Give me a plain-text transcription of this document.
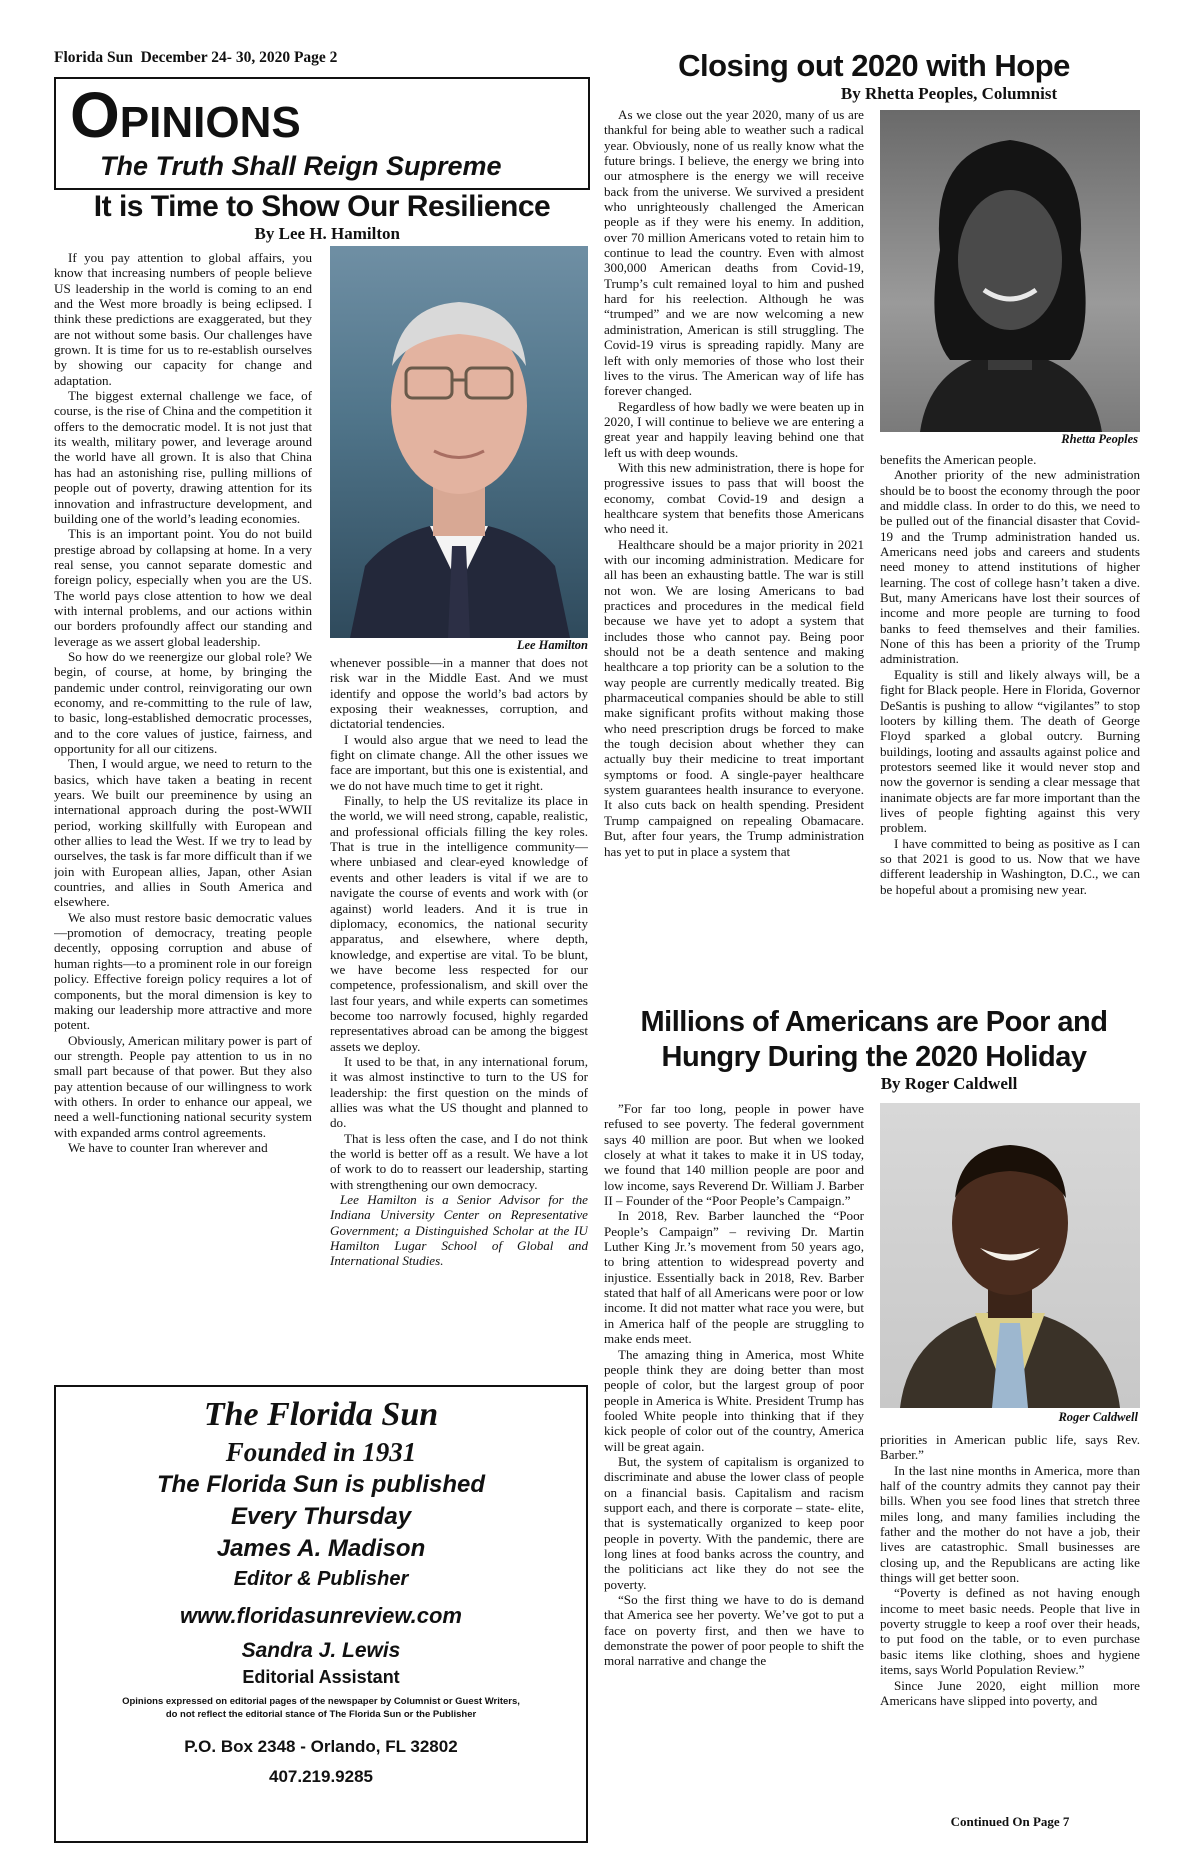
Florida Sun  December 24- 30, 2020 Page 2
OPINIONS
The Truth Shall Reign Supreme
It is Time to Show Our Resilience
By Lee H. Hamilton
Lee Hamilton

If you pay attention to global affairs, you know that increasing numbers of people believe US leadership in the world is coming to an end and the West more broadly is being eclipsed. I think these predictions are exaggerated, but they are not without some basis. Our challenges have grown. It is time for us to re-establish ourselves by showing our capacity for change and adaptation.

The biggest external challenge we face, of course, is the rise of China and the competition it offers to the democratic model. It is not just that its wealth, military power, and leverage around the world have all grown. It is also that China has had an astonishing rise, pulling millions of people out of poverty, drawing attention for its innovation and infrastructure development, and building one of the world’s leading economies.

This is an important point. You do not build prestige abroad by collapsing at home. In a very real sense, you cannot separate domestic and foreign policy, especially when you are the US. The world pays close attention to how we deal with internal problems, and our actions within our borders profoundly affect our standing and leverage as we assert global leadership.

So how do we reenergize our global role? We begin, of course, at home, by bringing the pandemic under control, reinvigorating our own economy, and re-committing to the rule of law, to basic, long-established democratic processes, and to the core values of justice, fairness, and opportunity for all our citizens.

Then, I would argue, we need to return to the basics, which have taken a beating in recent years. We built our preeminence by using an international approach during the post-WWII period, working skillfully with European and other allies to lead the West. If we try to lead by ourselves, the task is far more difficult than if we join with European allies, Japan, other Asian countries, and allies in South America and elsewhere.

We also must restore basic democratic values—promotion of democracy, treating people decently, opposing corruption and abuse of human rights—to a prominent role in our foreign policy. Effective foreign policy requires a lot of components, but the moral dimension is key to making our leadership more attractive and more potent.

Obviously, American military power is part of our strength. People pay attention to us in no small part because of that power. But they also pay attention because of our willingness to work with others. In order to enhance our appeal, we need a well-functioning national security system with expanded arms control agreements.

We have to counter Iran wherever and

whenever possible—in a manner that does not risk war in the Middle East. And we must identify and oppose the world’s bad actors by exposing their weaknesses, corruption, and dictatorial tendencies.

I would also argue that we need to lead the fight on climate change. All the other issues we face are important, but this one is existential, and we do not have much time to get it right.

Finally, to help the US revitalize its place in the world, we will need strong, capable, realistic, and professional officials filling the key roles. That is true in the intelligence community—where unbiased and clear-eyed knowledge of events and other leaders is vital if we are to navigate the course of events and work with (or against) world leaders. And it is true in diplomacy, economics, the national security apparatus, and elsewhere, where depth, knowledge, and expertise are vital. To be blunt, we have become less respected for our competence, professionalism, and skill over the last four years, and while experts can sometimes become too narrowly focused, highly regarded representatives abroad can be among the biggest assets we deploy.

It used to be that, in any international forum, it was almost instinctive to turn to the US for leadership: the first question on the minds of allies was what the US thought and planned to do.

That is less often the case, and I do not think the world is better off as a result. We have a lot of work to do to reassert our leadership, starting with strengthening our own democracy.

Lee Hamilton is a Senior Advisor for the Indiana University Center on Representative Government; a Distinguished Scholar at the IU Hamilton Lugar School of Global and International Studies.

Closing out 2020 with Hope
By Rhetta Peoples, Columnist
Rhetta Peoples

As we close out the year 2020, many of us are thankful for being able to weather such a radical year. Obviously, none of us really know what the future brings. I believe, the energy we bring into our atmosphere is the energy we will receive back from the universe. We survived a president who unrighteously challenged the American people as if they were his enemy. In addition, over 70 million Americans voted to retain him to continue to lead the country. Even with almost 300,000 American deaths from Covid-19, Trump’s cult remained loyal to him and pushed hard for his reelection. Although he was “trumped” and we are now welcoming a new administration, American is still struggling. The Covid-19 virus is spreading rapidly. Many are left with only memories of those who lost their lives to the virus. The American way of life has forever changed.

Regardless of how badly we were beaten up in 2020, I will continue to believe we are entering a great year and happily leaving behind one that left us with deep wounds.

With this new administration, there is hope for progressive issues to pass that will boost the economy, combat Covid-19 and design a healthcare system that benefits those Americans who need it.

Healthcare should be a major priority in 2021 with our incoming administration. Medicare for all has been an exhausting battle. The war is still not won. We are losing Americans to bad practices and procedures in the medical field because we have yet to adopt a system that includes those who cannot pay. Being poor should not be a death sentence and making healthcare a top priority can be a solution to the way people are currently medically treated. Big pharmaceutical companies should be able to still make significant profits without making those who need prescription drugs be forced to make the tough decision about whether they can actually buy their medicine to treat important symptoms or food. A single-payer healthcare system guarantees health insurance to everyone. It also cuts back on health spending. President Trump campaigned on repealing Obamacare. But, after four years, the Trump administration has yet to put in place a system that

benefits the American people.

Another priority of the new administration should be to boost the economy through the poor and middle class. In order to do this, we need to be pulled out of the financial disaster that Covid-19 and the Trump administration handed us. Americans need jobs and careers and students need money to attend institutions of higher learning. The cost of college hasn’t taken a dive. But, many Americans have lost their sources of income and more people are turning to food banks to feed themselves and their families. None of this has been a priority of the Trump administration.

Equality is still and likely always will, be a fight for Black people. Here in Florida, Governor DeSantis is pushing to allow “vigilantes” to stop looters by killing them. The death of George Floyd sparked a global outcry. Burning buildings, looting and assaults against police and protestors seemed like it would never stop and now the governor is sending a clear message that inanimate objects are far more important than the lives of people fighting against this very problem.

I have committed to being as positive as I can so that 2021 is good to us. Now that we have different leadership in Washington, D.C., we can be hopeful about a promising new year.

Millions of Americans are Poor and
Hungry During the 2020 Holiday
By Roger Caldwell
Roger Caldwell

”For far too long, people in power have refused to see poverty. The federal government says 40 million are poor. But when we looked closely at what it takes to make it in US today, we found that 140 million people are poor and low income, says Reverend Dr. William J. Barber II – Founder of the “Poor People’s Campaign.”

In 2018, Rev. Barber launched the “Poor People’s Campaign” – reviving Dr. Martin Luther King Jr.’s movement from 50 years ago, to bring attention to widespread poverty and injustice. Essentially back in 2018, Rev. Barber stated that half of all Americans were poor or low income. It did not matter what race you were, but in America half of the people are struggling to make ends meet.

The amazing thing in America, most White people think they are doing better than most people of color, but the largest group of poor people in America is White. President Trump has fooled White people into thinking that if they kick people of color out of the country, America will be great again.

But, the system of capitalism is organized to discriminate and abuse the lower class of people on a financial basis. Capitalism and racism support each, and there is corporate – state- elite, that is systematically organized to keep poor people in poverty. With the pandemic, there are long lines at food banks across the country, and the politicians act like they do not see the poverty.

“So the first thing we have to do is demand that America see her poverty. We’ve got to put a face on poverty first, and then we have to demonstrate the power of poor people to shift the moral narrative and change the

priorities in American public life, says Rev. Barber.”

In the last nine months in America, more than half of the country admits they cannot pay their bills. When you see food lines that stretch three miles long, and many families including the father and the mother do not have a job, their lives are catastrophic. Small businesses are closing up, and the Republicans are acting like things will get better soon.

“Poverty is defined as not having enough income to meet basic needs. People that live in poverty struggle to keep a roof over their heads, to put food on the table, or to even purchase basic items like clothing, shoes and hygiene items, says World Population Review.”

Since June 2020, eight million more Americans have slipped into poverty, and

Continued On Page 7
The Florida Sun
Founded in 1931
The Florida Sun is published
Every Thursday
James A. Madison
Editor & Publisher
www.floridasunreview.com
Sandra J. Lewis
Editorial Assistant
Opinions expressed on editorial pages of the newspaper by Columnist or Guest Writers,
do not reflect the editorial stance of The Florida Sun or the Publisher
P.O. Box 2348 - Orlando, FL 32802
407.219.9285
